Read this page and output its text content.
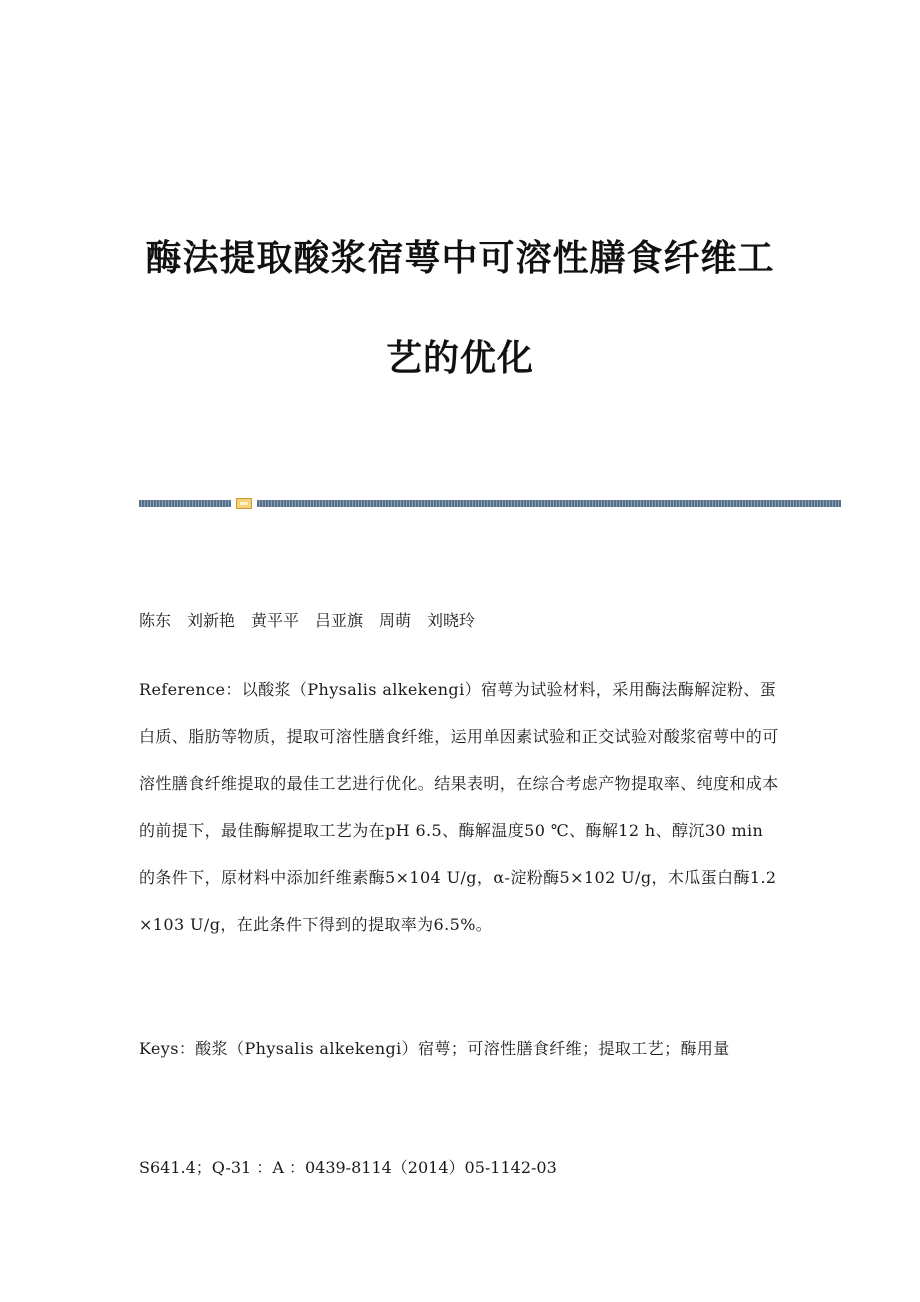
酶法提取酸浆宿萼中可溶性膳食纤维工
艺的优化
陈东　刘新艳　黄平平　吕亚旗　周萌　刘晓玲
Reference：以酸浆（Physalis alkekengi）宿萼为试验材料，采用酶法酶解淀粉、蛋白质、脂肪等物质，提取可溶性膳食纤维，运用单因素试验和正交试验对酸浆宿萼中的可溶性膳食纤维提取的最佳工艺进行优化。结果表明，在综合考虑产物提取率、纯度和成本的前提下，最佳酶解提取工艺为在pH 6.5、酶解温度50 ℃、酶解12 h、醇沉30 min的条件下，原材料中添加纤维素酶5×104 U/g，α-淀粉酶5×102 U/g，木瓜蛋白酶1.2×103 U/g，在此条件下得到的提取率为6.5%。
Keys：酸浆（Physalis alkekengi）宿萼；可溶性膳食纤维；提取工艺；酶用量
S641.4；Q-31 ：A ：0439-8114（2014）05-1142-03
